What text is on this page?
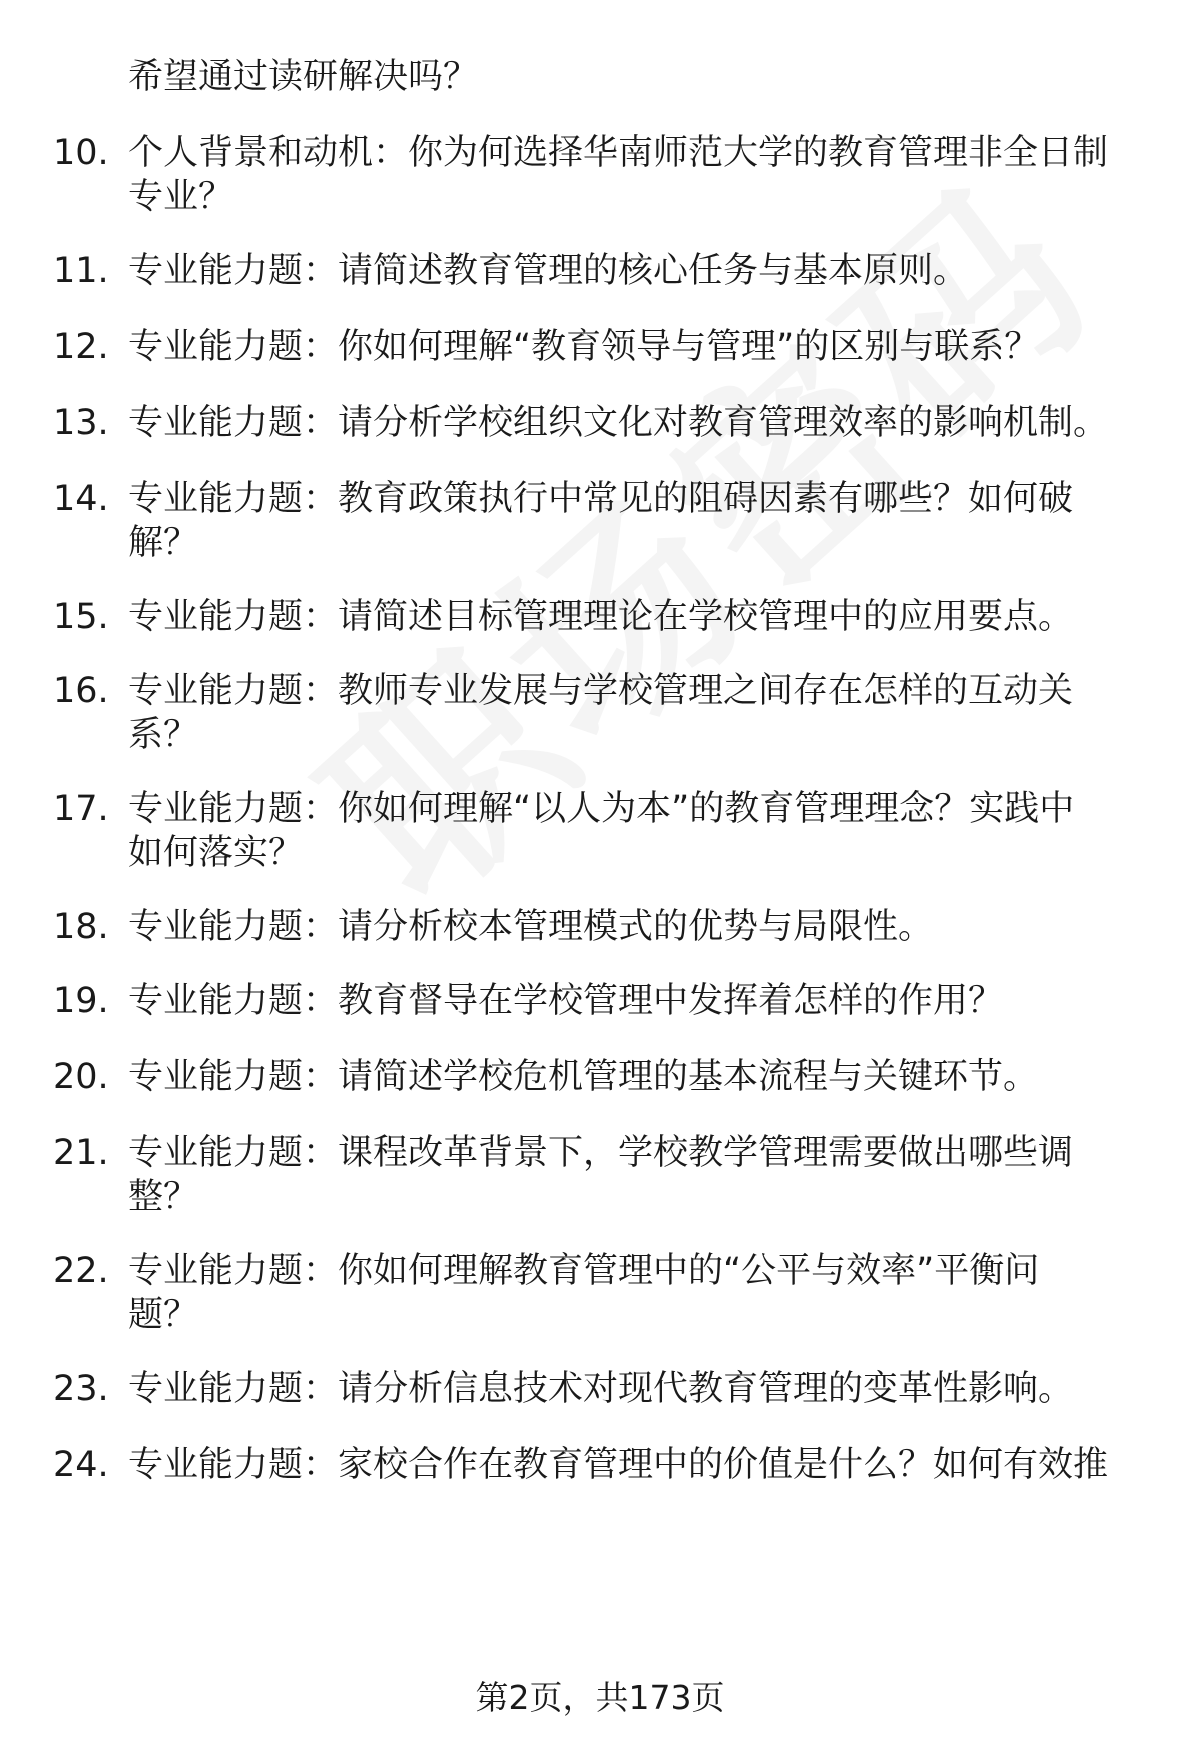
希望通过读研解决吗？
10. 个人背景和动机：你为何选择华南师范大学的教育管理非全日制
专业？
11. 专业能力题：请简述教育管理的核心任务与基本原则。
12. 专业能力题：你如何理解“教育领导与管理”的区别与联系？
13. 专业能力题：请分析学校组织文化对教育管理效率的影响机制。
14. 专业能力题：教育政策执行中常见的阻碍因素有哪些？如何破
解？
15. 专业能力题：请简述目标管理理论在学校管理中的应用要点。
16. 专业能力题：教师专业发展与学校管理之间存在怎样的互动关
系？
17. 专业能力题：你如何理解“以人为本”的教育管理理念？实践中
如何落实？
18. 专业能力题：请分析校本管理模式的优势与局限性。
19. 专业能力题：教育督导在学校管理中发挥着怎样的作用？
20. 专业能力题：请简述学校危机管理的基本流程与关键环节。
21. 专业能力题：课程改革背景下，学校教学管理需要做出哪些调
整？
22. 专业能力题：你如何理解教育管理中的“公平与效率”平衡问
题？
23. 专业能力题：请分析信息技术对现代教育管理的变革性影响。
24. 专业能力题：家校合作在教育管理中的价值是什么？如何有效推
第2页，共173页
